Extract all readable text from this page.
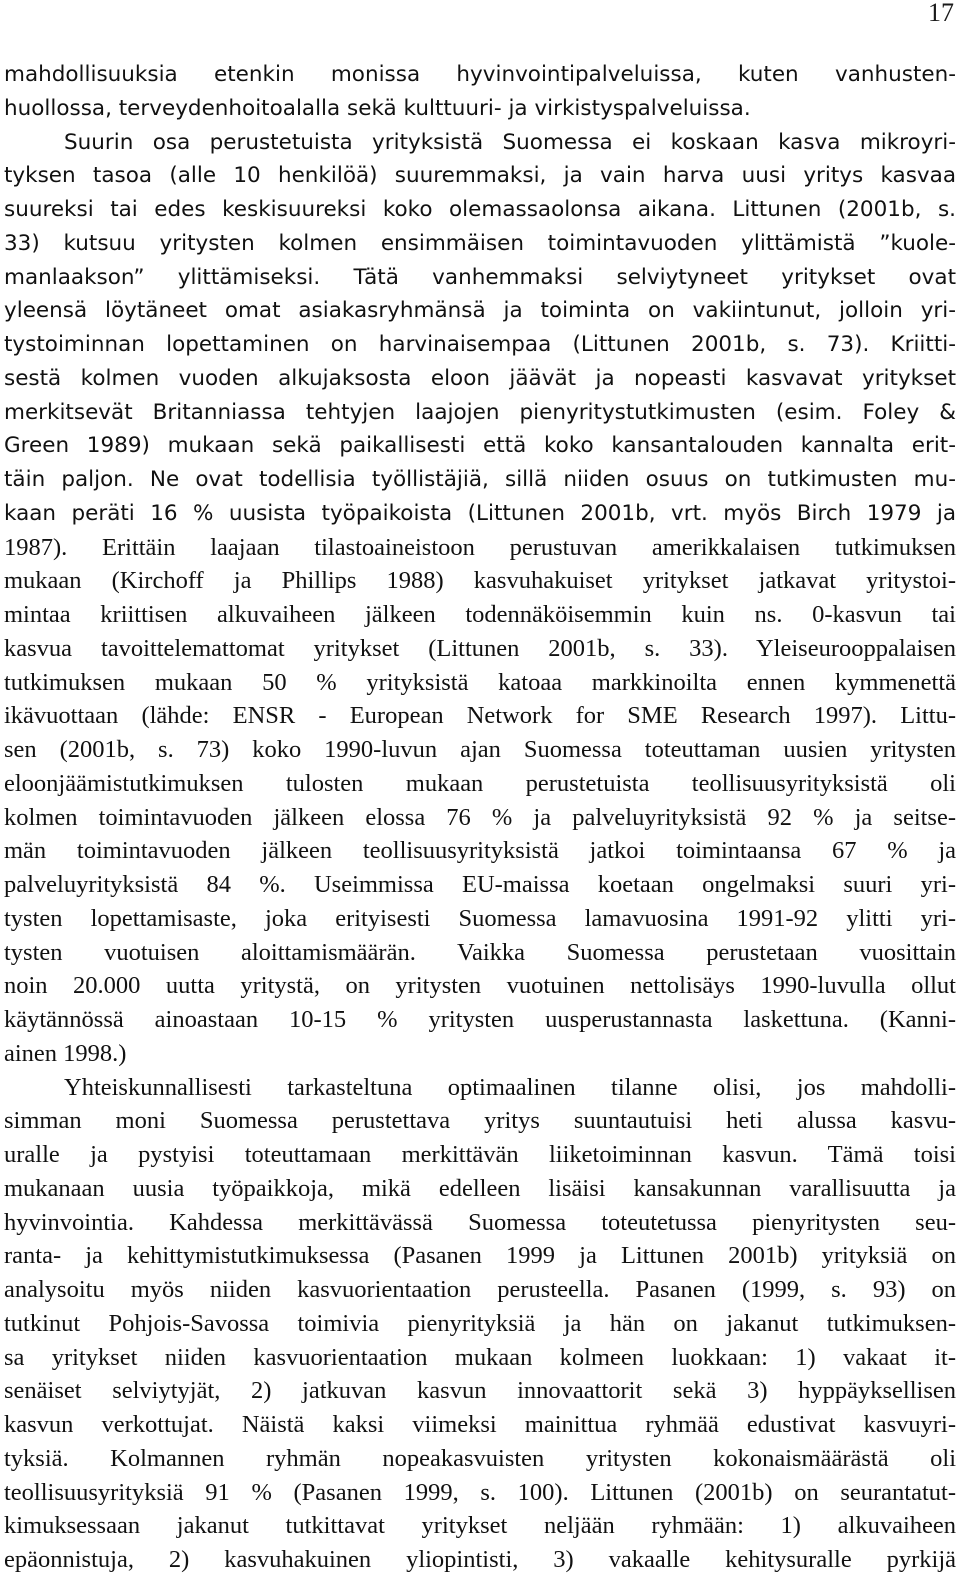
17
mahdollisuuksia etenkin monissa hyvinvointipalveluissa, kuten vanhusten-
huollossa, terveydenhoitoalalla sekä kulttuuri- ja virkistyspalveluissa.
Suurin osa perustetuista yrityksistä Suomessa ei koskaan kasva mikroyri-
tyksen tasoa (alle 10 henkilöä) suuremmaksi, ja vain harva uusi yritys kasvaa
suureksi tai edes keskisuureksi koko olemassaolonsa aikana. Littunen (2001b, s.
33) kutsuu yritysten kolmen ensimmäisen toimintavuoden ylittämistä ”kuole-
manlaakson” ylittämiseksi. Tätä vanhemmaksi selviytyneet yritykset ovat
yleensä löytäneet omat asiakasryhmänsä ja toiminta on vakiintunut, jolloin yri-
tystoiminnan lopettaminen on harvinaisempaa (Littunen 2001b, s. 73). Kriitti-
sestä kolmen vuoden alkujaksosta eloon jäävät ja nopeasti kasvavat yritykset
merkitsevät Britanniassa tehtyjen laajojen pienyritystutkimusten (esim. Foley &
Green 1989) mukaan sekä paikallisesti että koko kansantalouden kannalta erit-
täin paljon. Ne ovat todellisia työllistäjiä, sillä niiden osuus on tutkimusten mu-
kaan peräti 16 % uusista työpaikoista (Littunen 2001b, vrt. myös Birch 1979 ja
1987). Erittäin laajaan tilastoaineistoon perustuvan amerikkalaisen tutkimuksen
mukaan (Kirchoff ja Phillips 1988) kasvuhakuiset yritykset jatkavat yritystoi-
mintaa kriittisen alkuvaiheen jälkeen todennäköisemmin kuin ns. 0-kasvun tai
kasvua tavoittelemattomat yritykset (Littunen 2001b, s. 33). Yleiseurooppalaisen
tutkimuksen mukaan 50 % yrityksistä katoaa markkinoilta ennen kymmenettä
ikävuottaan (lähde: ENSR - European Network for SME Research 1997). Littu-
sen (2001b, s. 73) koko 1990-luvun ajan Suomessa toteuttaman uusien yritysten
eloonjäämistutkimuksen tulosten mukaan perustetuista teollisuusyrityksistä oli
kolmen toimintavuoden jälkeen elossa 76 % ja palveluyrityksistä 92 % ja seitse-
män toimintavuoden jälkeen teollisuusyrityksistä jatkoi toimintaansa 67 % ja
palveluyrityksistä 84 %. Useimmissa EU-maissa koetaan ongelmaksi suuri yri-
tysten lopettamisaste, joka erityisesti Suomessa lamavuosina 1991-92 ylitti yri-
tysten vuotuisen aloittamismäärän. Vaikka Suomessa perustetaan vuosittain
noin 20.000 uutta yritystä, on yritysten vuotuinen nettolisäys 1990-luvulla ollut
käytännössä ainoastaan 10-15 % yritysten uusperustannasta laskettuna. (Kanni-
ainen 1998.)
Yhteiskunnallisesti tarkasteltuna optimaalinen tilanne olisi, jos mahdolli-
simman moni Suomessa perustettava yritys suuntautuisi heti alussa kasvu-
uralle ja pystyisi toteuttamaan merkittävän liiketoiminnan kasvun. Tämä toisi
mukanaan uusia työpaikkoja, mikä edelleen lisäisi kansakunnan varallisuutta ja
hyvinvointia. Kahdessa merkittävässä Suomessa toteutetussa pienyritysten seu-
ranta- ja kehittymistutkimuksessa (Pasanen 1999 ja Littunen 2001b) yrityksiä on
analysoitu myös niiden kasvuorientaation perusteella. Pasanen (1999, s. 93) on
tutkinut Pohjois-Savossa toimivia pienyrityksiä ja hän on jakanut tutkimuksen-
sa yritykset niiden kasvuorientaation mukaan kolmeen luokkaan: 1) vakaat it-
senäiset selviytyjät, 2) jatkuvan kasvun innovaattorit sekä 3) hyppäyksellisen
kasvun verkottujat. Näistä kaksi viimeksi mainittua ryhmää edustivat kasvuyri-
tyksiä. Kolmannen ryhmän nopeakasvuisten yritysten kokonaismäärästä oli
teollisuusyrityksiä 91 % (Pasanen 1999, s. 100). Littunen (2001b) on seurantatut-
kimuksessaan jakanut tutkittavat yritykset neljään ryhmään: 1) alkuvaiheen
epäonnistuja, 2) kasvuhakuinen yliopintisti, 3) vakaalle kehitysuralle pyrkijä
